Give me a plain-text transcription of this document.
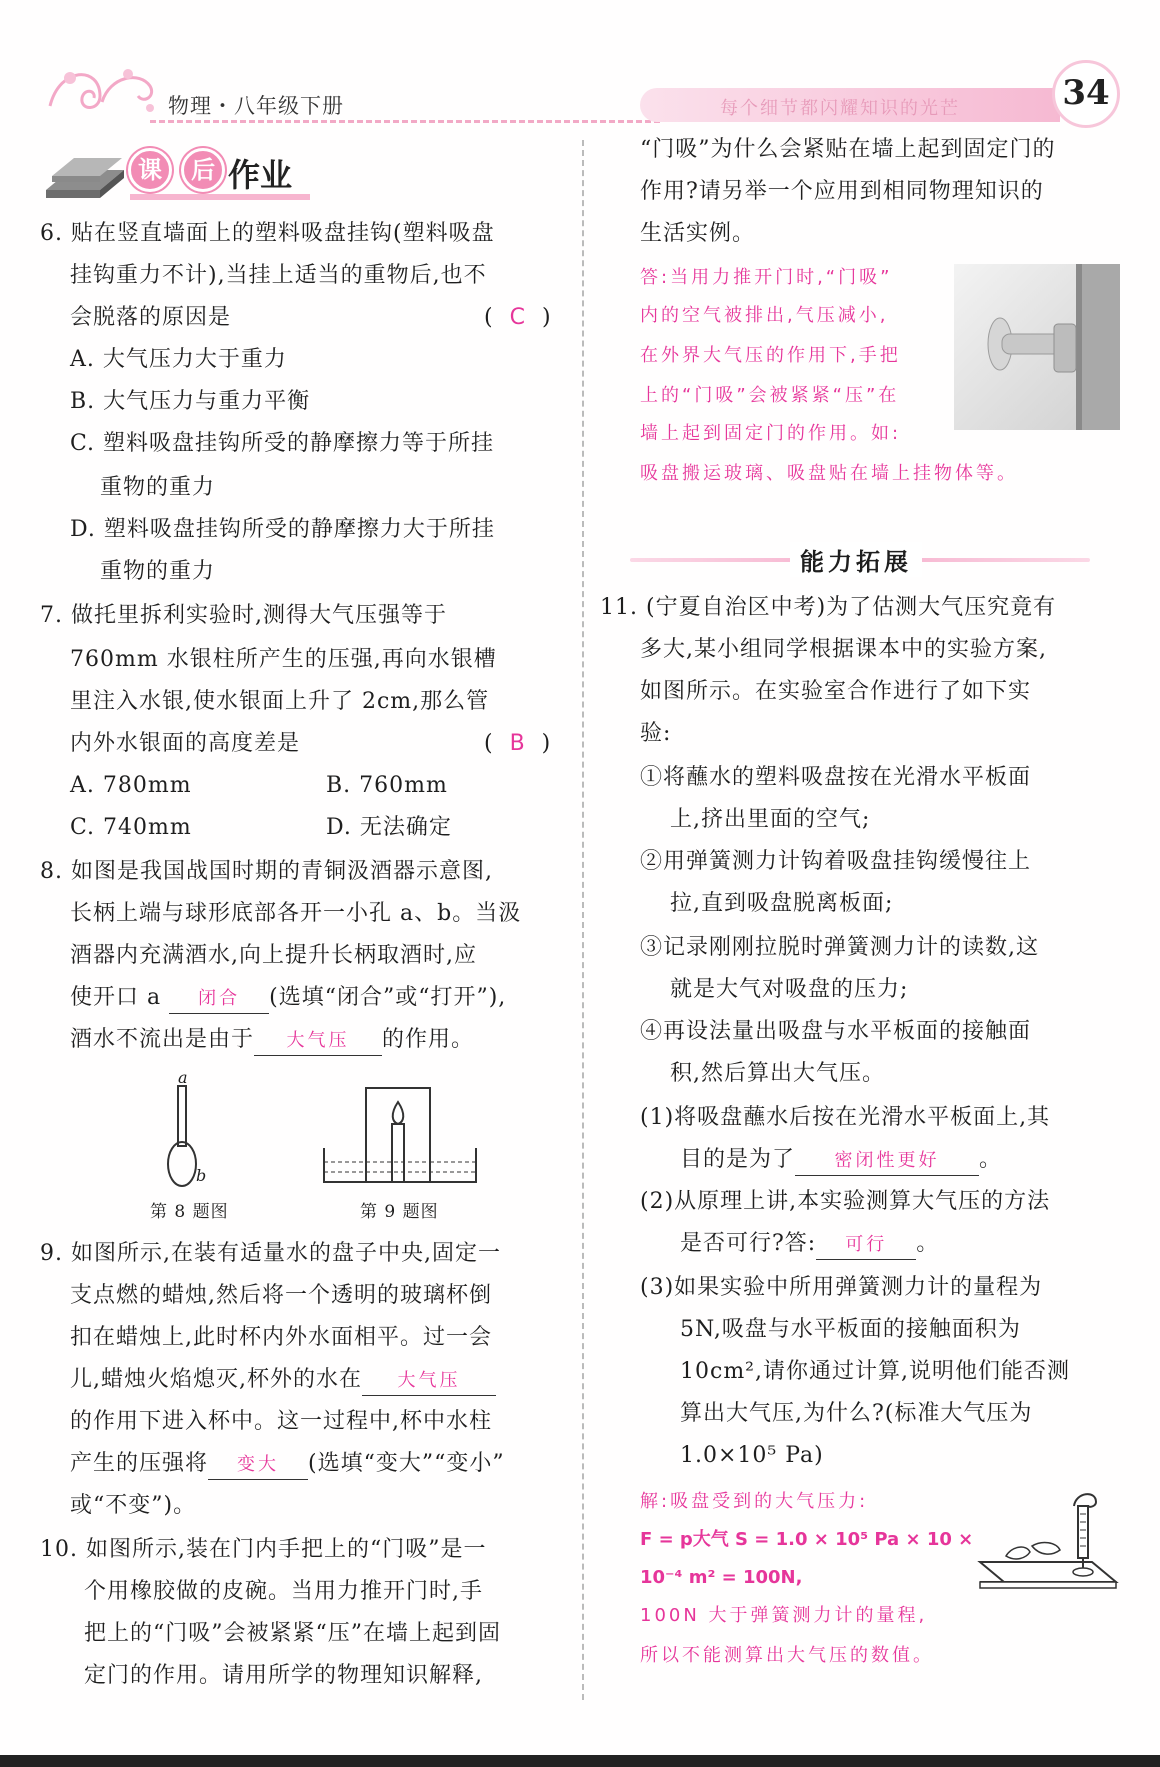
物理・八年级下册	每个细节都闪耀知识的光芒	34
课 后 作业
6. 贴在竖直墙面上的塑料吸盘挂钩(塑料吸盘
挂钩重力不计),当挂上适当的重物后,也不
会脱落的原因是	(  C  )
A. 大气压力大于重力
B. 大气压力与重力平衡
C. 塑料吸盘挂钩所受的静摩擦力等于所挂
重物的重力
D. 塑料吸盘挂钩所受的静摩擦力大于所挂
重物的重力
7. 做托里拆利实验时,测得大气压强等于
760mm 水银柱所产生的压强,再向水银槽
里注入水银,使水银面上升了 2cm,那么管
内外水银面的高度差是	(  B  )
A. 780mm	B. 760mm
C. 740mm	D. 无法确定
8. 如图是我国战国时期的青铜汲酒器示意图,
长柄上端与球形底部各开一小孔 a、b。当汲
酒器内充满酒水,向上提升长柄取酒时,应
使开口 a 闭合 (选填“闭合”或“打开”),
酒水不流出是由于 大气压 的作用。
a
b
第 8 题图	第 9 题图
9. 如图所示,在装有适量水的盘子中央,固定一
支点燃的蜡烛,然后将一个透明的玻璃杯倒
扣在蜡烛上,此时杯内外水面相平。过一会
儿,蜡烛火焰熄灭,杯外的水在 大气压
的作用下进入杯中。这一过程中,杯中水柱
产生的压强将 变大 (选填“变大”“变小”
或“不变”)。
10. 如图所示,装在门内手把上的“门吸”是一
个用橡胶做的皮碗。当用力推开门时,手
把上的“门吸”会被紧紧“压”在墙上起到固
定门的作用。请用所学的物理知识解释,
“门吸”为什么会紧贴在墙上起到固定门的
作用?请另举一个应用到相同物理知识的
生活实例。
答:当用力推开门时,“门吸”
内的空气被排出,气压减小,
在外界大气压的作用下,手把
上的“门吸”会被紧紧“压”在
墙上起到固定门的作用。如:
吸盘搬运玻璃、吸盘贴在墙上挂物体等。
能力拓展
11. (宁夏自治区中考)为了估测大气压究竟有
多大,某小组同学根据课本中的实验方案,
如图所示。在实验室合作进行了如下实
验:
①将蘸水的塑料吸盘按在光滑水平板面
上,挤出里面的空气;
②用弹簧测力计钩着吸盘挂钩缓慢往上
拉,直到吸盘脱离板面;
③记录刚刚拉脱时弹簧测力计的读数,这
就是大气对吸盘的压力;
④再设法量出吸盘与水平板面的接触面
积,然后算出大气压。
(1)将吸盘蘸水后按在光滑水平板面上,其
目的是为了 密闭性更好 。
(2)从原理上讲,本实验测算大气压的方法
是否可行?答: 可行 。
(3)如果实验中所用弹簧测力计的量程为
5N,吸盘与水平板面的接触面积为
10cm²,请你通过计算,说明他们能否测
算出大气压,为什么?(标准大气压为
1.0×10⁵ Pa)
解:吸盘受到的大气压力:
F = p大气 S = 1.0 × 10⁵ Pa × 10 ×
10⁻⁴ m² = 100N,
100N 大于弹簧测力计的量程,
所以不能测算出大气压的数值。
